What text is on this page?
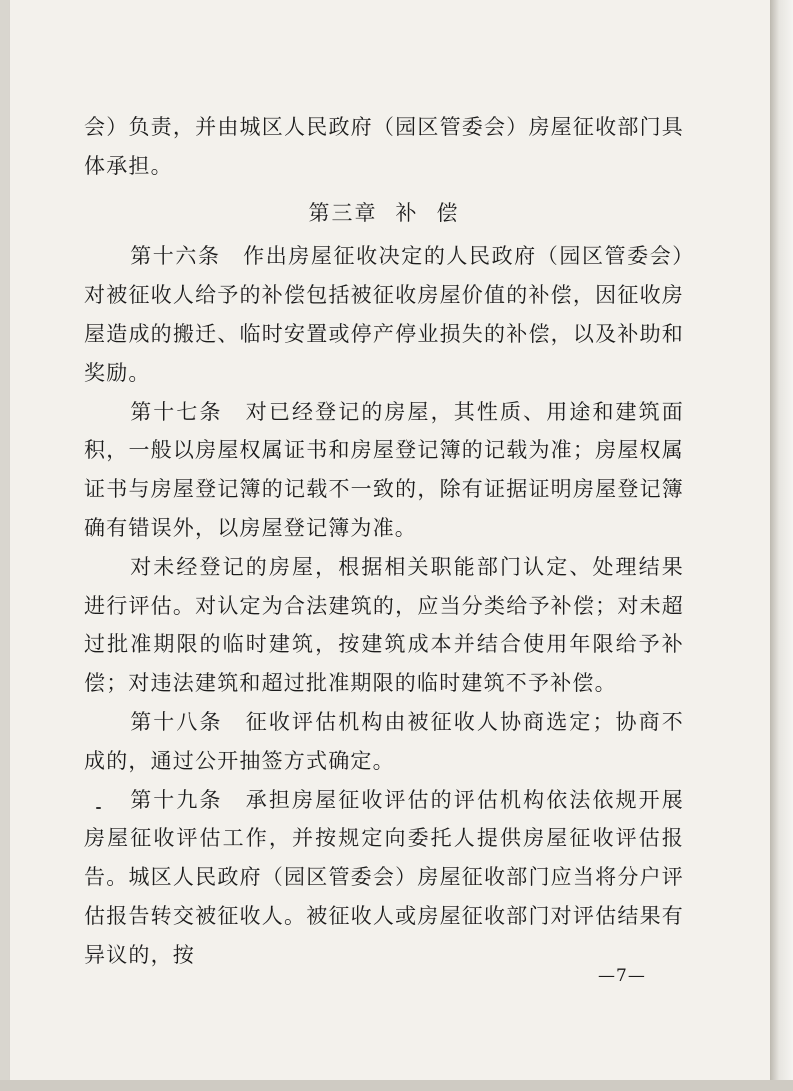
会）负责，并由城区人民政府（园区管委会）房屋征收部门具体承担。

第三章 补 偿

第十六条　作出房屋征收决定的人民政府（园区管委会）对被征收人给予的补偿包括被征收房屋价值的补偿，因征收房屋造成的搬迁、临时安置或停产停业损失的补偿，以及补助和奖励。

第十七条　对已经登记的房屋，其性质、用途和建筑面积，一般以房屋权属证书和房屋登记簿的记载为准；房屋权属证书与房屋登记簿的记载不一致的，除有证据证明房屋登记簿确有错误外，以房屋登记簿为准。

对未经登记的房屋，根据相关职能部门认定、处理结果进行评估。对认定为合法建筑的，应当分类给予补偿；对未超过批准期限的临时建筑，按建筑成本并结合使用年限给予补偿；对违法建筑和超过批准期限的临时建筑不予补偿。

第十八条　征收评估机构由被征收人协商选定；协商不成的，通过公开抽签方式确定。

第十九条　承担房屋征收评估的评估机构依法依规开展房屋征收评估工作，并按规定向委托人提供房屋征收评估报告。城区人民政府（园区管委会）房屋征收部门应当将分户评估报告转交被征收人。被征收人或房屋征收部门对评估结果有异议的，按

—7—
